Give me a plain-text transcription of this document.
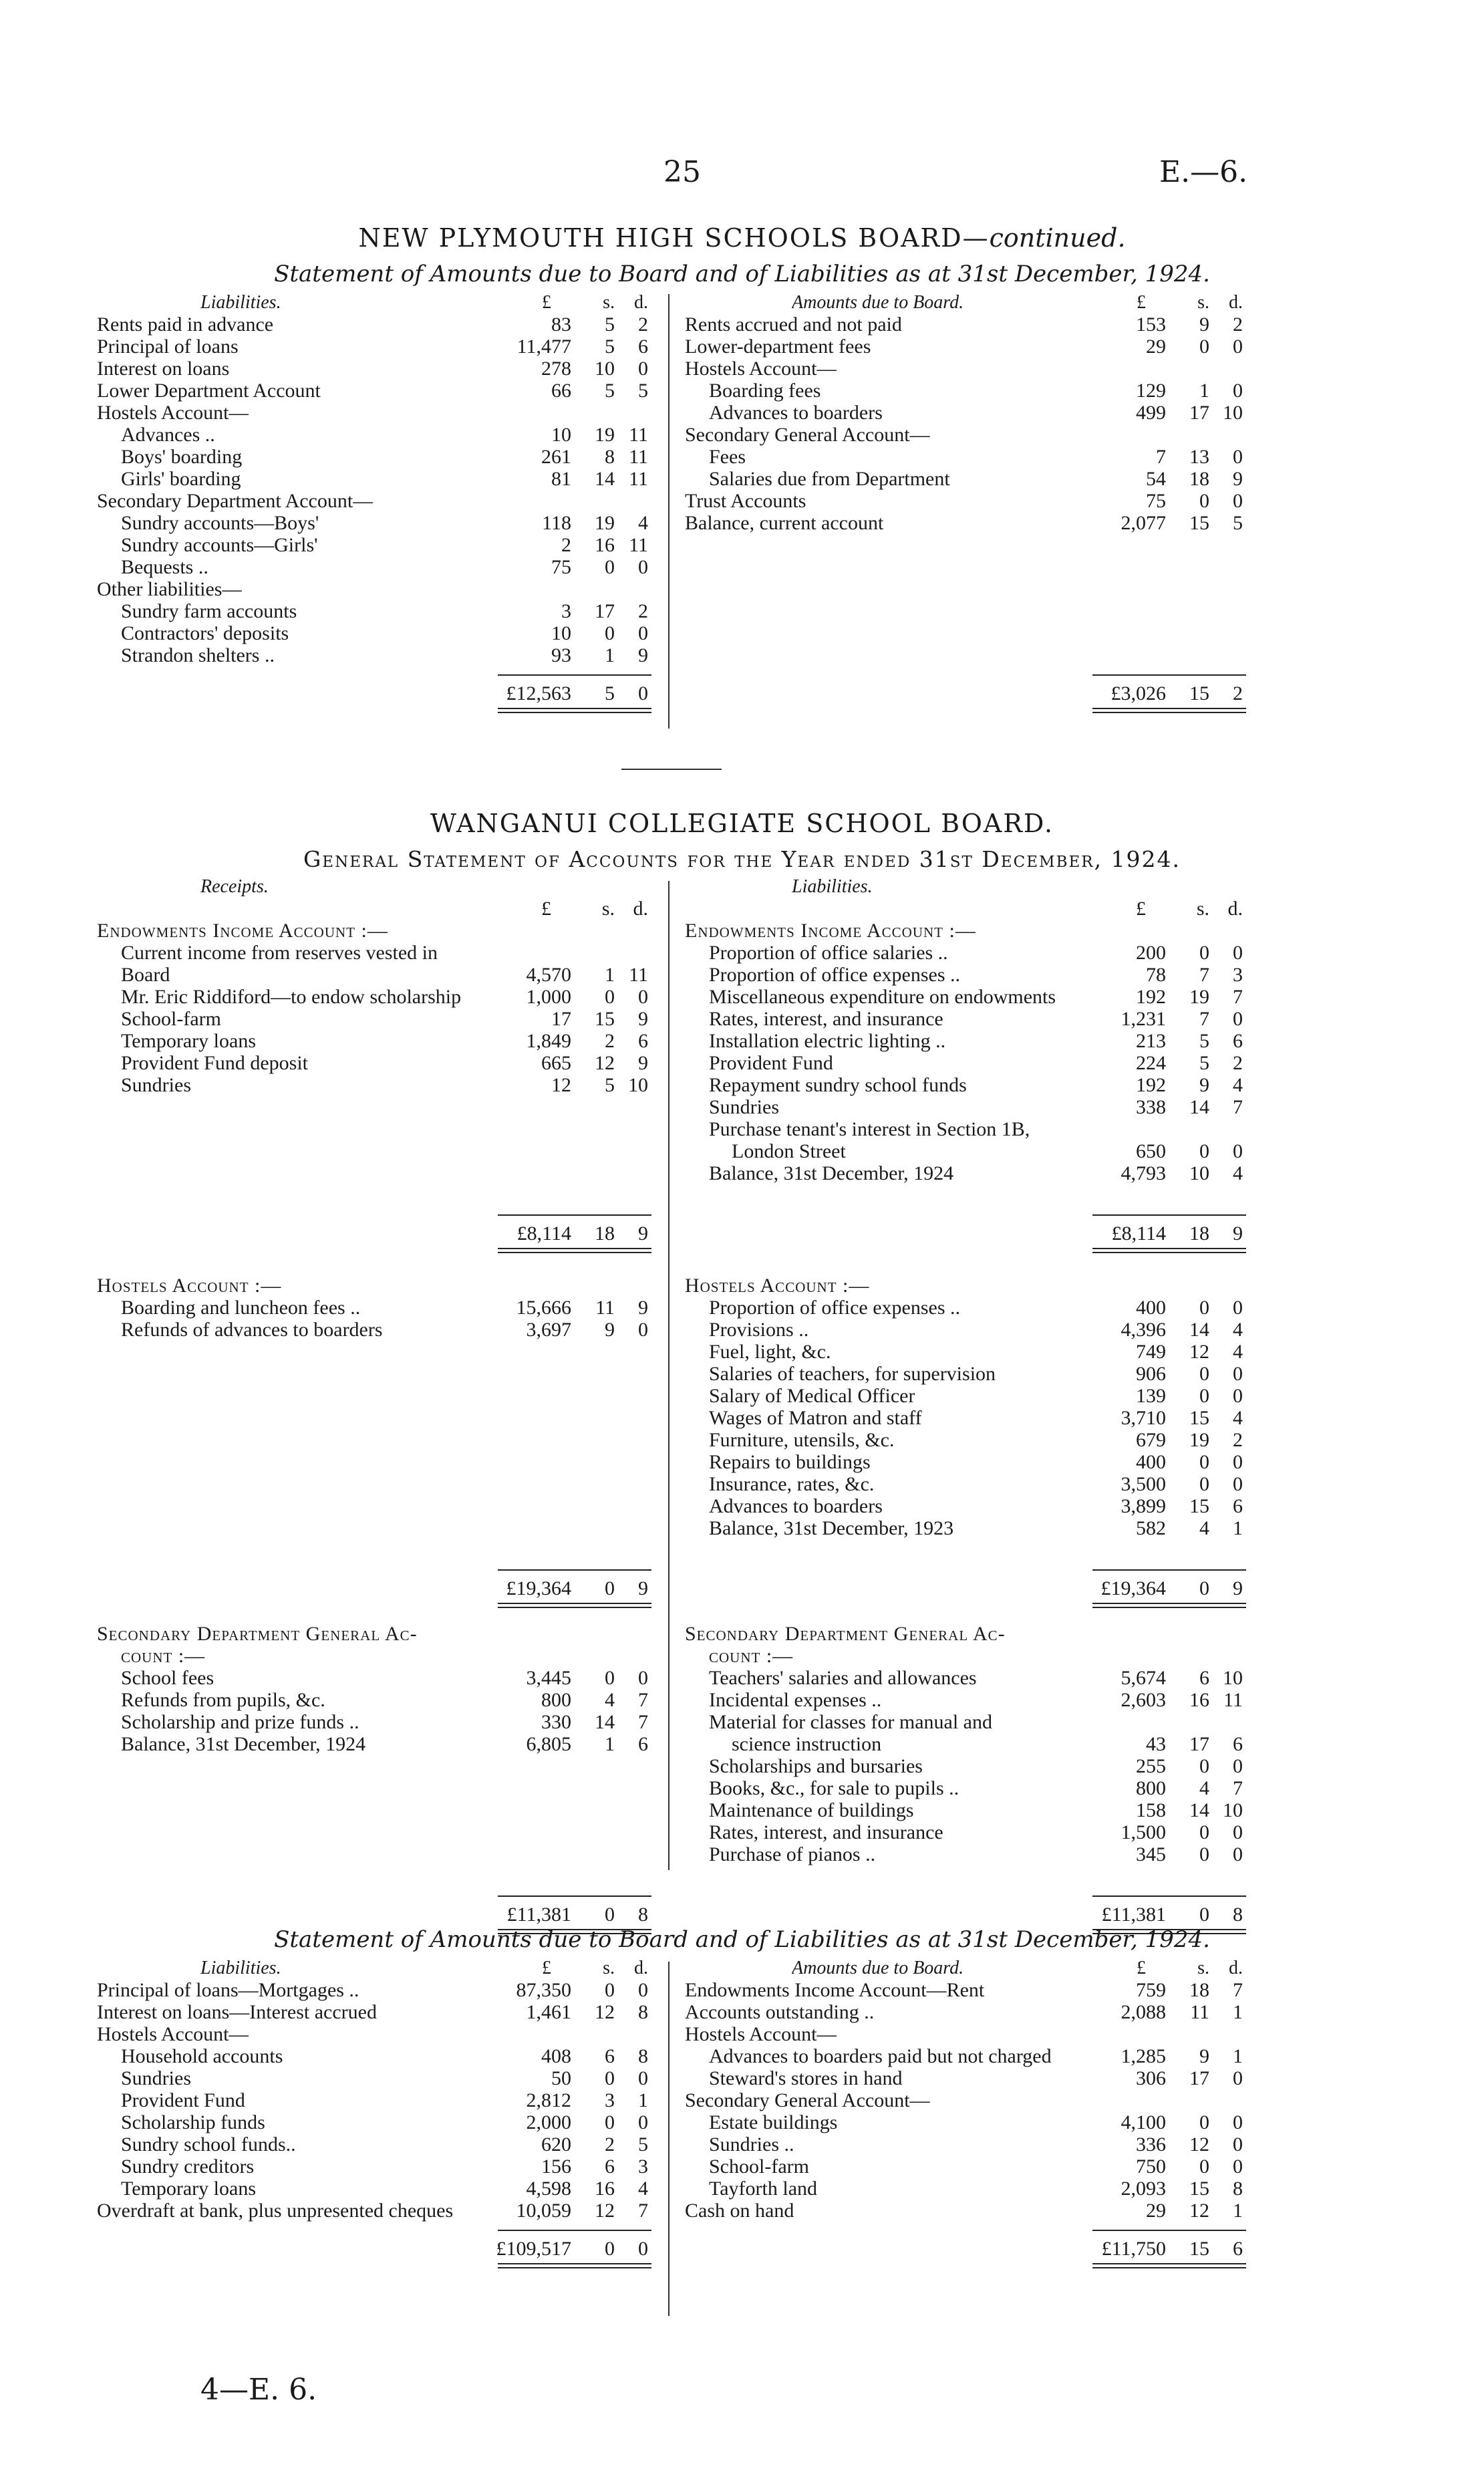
25	E.—6.
NEW PLYMOUTH HIGH SCHOOLS BOARD—continued.
Statement of Amounts due to Board and of Liabilities as at 31st December, 1924.
Liabilities.	£	s. d.
Rents paid in advance	83 5 2
Principal of loans	11,477 5 6
Interest on loans	278 10 0
Lower Department Account	66 5 5
Hostels Account—
Advances ..	10 19 11
Boys' boarding	261 8 11
Girls' boarding	81 14 11
Secondary Department Account—
Sundry accounts—Boys'	118 19 4
Sundry accounts—Girls'	2 16 11
Bequests ..	75 0 0
Other liabilities—
Sundry farm accounts	3 17 2
Contractors' deposits	10 0 0
Strandon shelters ..	93 1 9
£12,563 5 0
Amounts due to Board.	£	s. d.
Rents accrued and not paid	153 9 2
Lower-department fees	29 0 0
Hostels Account—
Boarding fees	129 1 0
Advances to boarders	499 17 10
Secondary General Account—
Fees	7 13 0
Salaries due from Department	54 18 9
Trust Accounts	75 0 0
Balance, current account	2,077 15 5
£3,026 15 2
WANGANUI COLLEGIATE SCHOOL BOARD.
General Statement of Accounts for the Year ended 31st December, 1924.
Receipts.
£	s. d.
Endowments Income Account :—
Current income from reserves vested in
Board	4,570 1 11
Mr. Eric Riddiford—to endow scholarship	1,000 0 0
School-farm	17 15 9
Temporary loans	1,849 2 6
Provident Fund deposit	665 12 9
Sundries	12 5 10
£8,114 18 9
Hostels Account :—
Boarding and luncheon fees ..	15,666 11 9
Refunds of advances to boarders	3,697 9 0
£19,364 0 9
Secondary Department General Ac-
count :—
School fees	3,445 0 0
Refunds from pupils, &c.	800 4 7
Scholarship and prize funds ..	330 14 7
Balance, 31st December, 1924	6,805 1 6
£11,381 0 8
Liabilities.
£	s. d.
Endowments Income Account :—
Proportion of office salaries ..	200 0 0
Proportion of office expenses ..	78 7 3
Miscellaneous expenditure on endowments	192 19 7
Rates, interest, and insurance	1,231 7 0
Installation electric lighting ..	213 5 6
Provident Fund	224 5 2
Repayment sundry school funds	192 9 4
Sundries	338 14 7
Purchase tenant's interest in Section 1B,
London Street	650 0 0
Balance, 31st December, 1924	4,793 10 4
£8,114 18 9
Hostels Account :—
Proportion of office expenses ..	400 0 0
Provisions ..	4,396 14 4
Fuel, light, &c.	749 12 4
Salaries of teachers, for supervision	906 0 0
Salary of Medical Officer	139 0 0
Wages of Matron and staff	3,710 15 4
Furniture, utensils, &c.	679 19 2
Repairs to buildings	400 0 0
Insurance, rates, &c.	3,500 0 0
Advances to boarders	3,899 15 6
Balance, 31st December, 1923	582 4 1
£19,364 0 9
Secondary Department General Ac-
count :—
Teachers' salaries and allowances	5,674 6 10
Incidental expenses ..	2,603 16 11
Material for classes for manual and
science instruction	43 17 6
Scholarships and bursaries	255 0 0
Books, &c., for sale to pupils ..	800 4 7
Maintenance of buildings	158 14 10
Rates, interest, and insurance	1,500 0 0
Purchase of pianos ..	345 0 0
£11,381 0 8
Statement of Amounts due to Board and of Liabilities as at 31st December, 1924.
Liabilities.	£	s. d.
Principal of loans—Mortgages ..	87,350 0 0
Interest on loans—Interest accrued	1,461 12 8
Hostels Account—
Household accounts	408 6 8
Sundries	50 0 0
Provident Fund	2,812 3 1
Scholarship funds	2,000 0 0
Sundry school funds..	620 2 5
Sundry creditors	156 6 3
Temporary loans	4,598 16 4
Overdraft at bank, plus unpresented cheques	10,059 12 7
£109,517 0 0
Amounts due to Board.	£	s. d.
Endowments Income Account—Rent	759 18 7
Accounts outstanding ..	2,088 11 1
Hostels Account—
Advances to boarders paid but not charged	1,285 9 1
Steward's stores in hand	306 17 0
Secondary General Account—
Estate buildings	4,100 0 0
Sundries ..	336 12 0
School-farm	750 0 0
Tayforth land	2,093 15 8
Cash on hand	29 12 1
£11,750 15 6
4—E. 6.
